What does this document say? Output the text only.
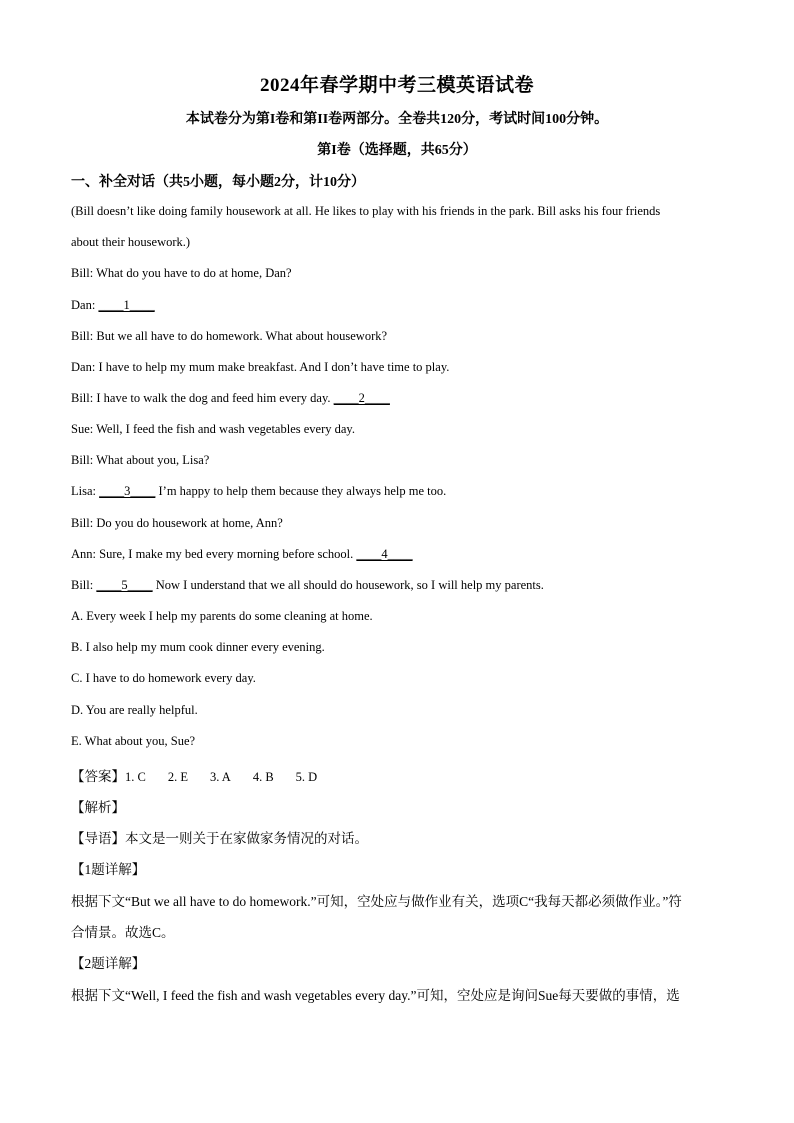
2024年春学期中考三模英语试卷
本试卷分为第I卷和第II卷两部分。全卷共120分，考试时间100分钟。
第I卷（选择题，共65分）
一、补全对话（共5小题，每小题2分，计10分）
(Bill doesn’t like doing family housework at all. He likes to play with his friends in the park. Bill asks his four friends
about their housework.)
Bill: What do you have to do at home, Dan?
Dan: ____1____
Bill: But we all have to do homework. What about housework?
Dan: I have to help my mum make breakfast. And I don’t have time to play.
Bill: I have to walk the dog and feed him every day. ____2____
Sue: Well, I feed the fish and wash vegetables every day.
Bill: What about you, Lisa?
Lisa: ____3____ I’m happy to help them because they always help me too.
Bill: Do you do housework at home, Ann?
Ann: Sure, I make my bed every morning before school. ____4____
Bill: ____5____ Now I understand that we all should do housework, so I will help my parents.
A. Every week I help my parents do some cleaning at home.
B. I also help my mum cook dinner every evening.
C. I have to do homework every day.
D. You are really helpful.
E. What about you, Sue?
【答案】1. C 2. E 3. A 4. B 5. D
【解析】
【导语】本文是一则关于在家做家务情况的对话。
【1题详解】
根据下文“But we all have to do homework.”可知，空处应与做作业有关，选项C“我每天都必须做作业。”符
合情景。故选C。
【2题详解】
根据下文“Well, I feed the fish and wash vegetables every day.”可知，空处应是询问Sue每天要做的事情，选
